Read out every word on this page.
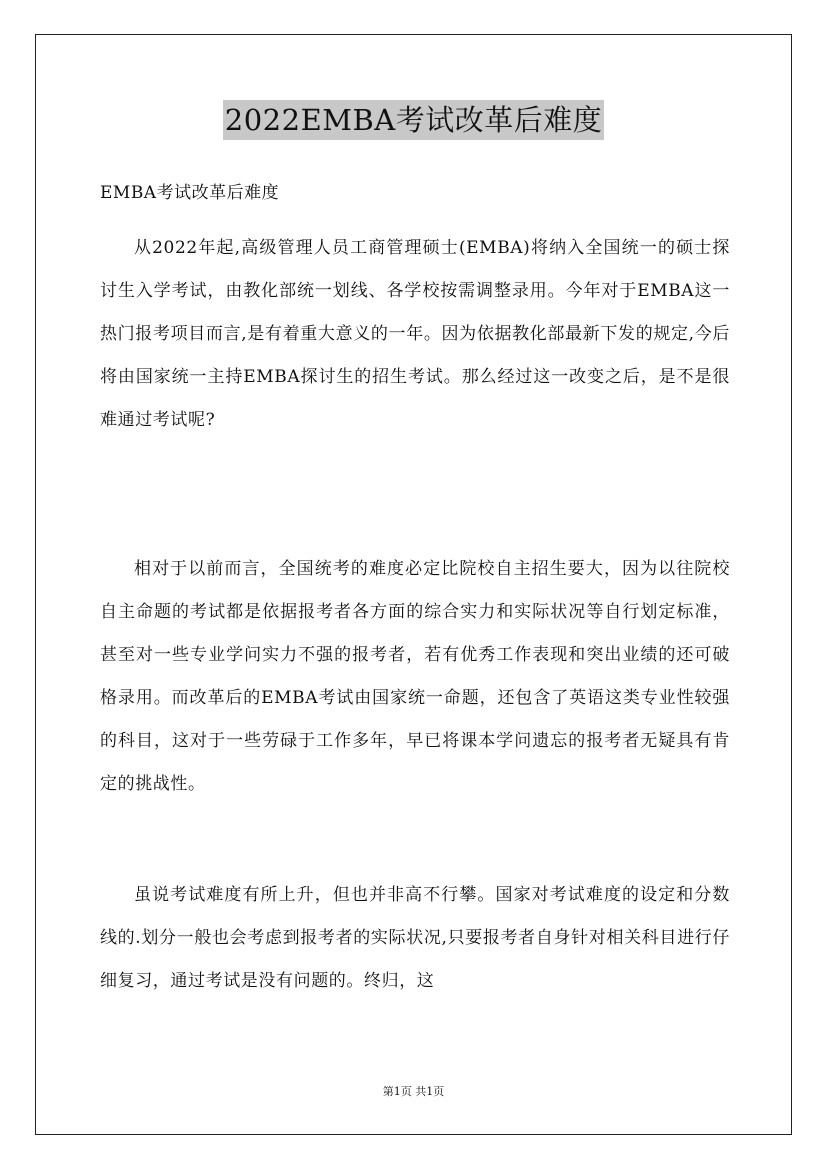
2022EMBA考试改革后难度
EMBA考试改革后难度

从2022年起,高级管理人员工商管理硕士(EMBA)将纳入全国统一的硕士探讨生入学考试，由教化部统一划线、各学校按需调整录用。今年对于EMBA这一热门报考项目而言,是有着重大意义的一年。因为依据教化部最新下发的规定,今后将由国家统一主持EMBA探讨生的招生考试。那么经过这一改变之后，是不是很难通过考试呢?

相对于以前而言，全国统考的难度必定比院校自主招生要大，因为以往院校自主命题的考试都是依据报考者各方面的综合实力和实际状况等自行划定标准，甚至对一些专业学问实力不强的报考者，若有优秀工作表现和突出业绩的还可破格录用。而改革后的EMBA考试由国家统一命题，还包含了英语这类专业性较强的科目，这对于一些劳碌于工作多年，早已将课本学问遗忘的报考者无疑具有肯定的挑战性。

虽说考试难度有所上升，但也并非高不行攀。国家对考试难度的设定和分数线的.划分一般也会考虑到报考者的实际状况,只要报考者自身针对相关科目进行仔细复习，通过考试是没有问题的。终归，这

第1页 共1页
